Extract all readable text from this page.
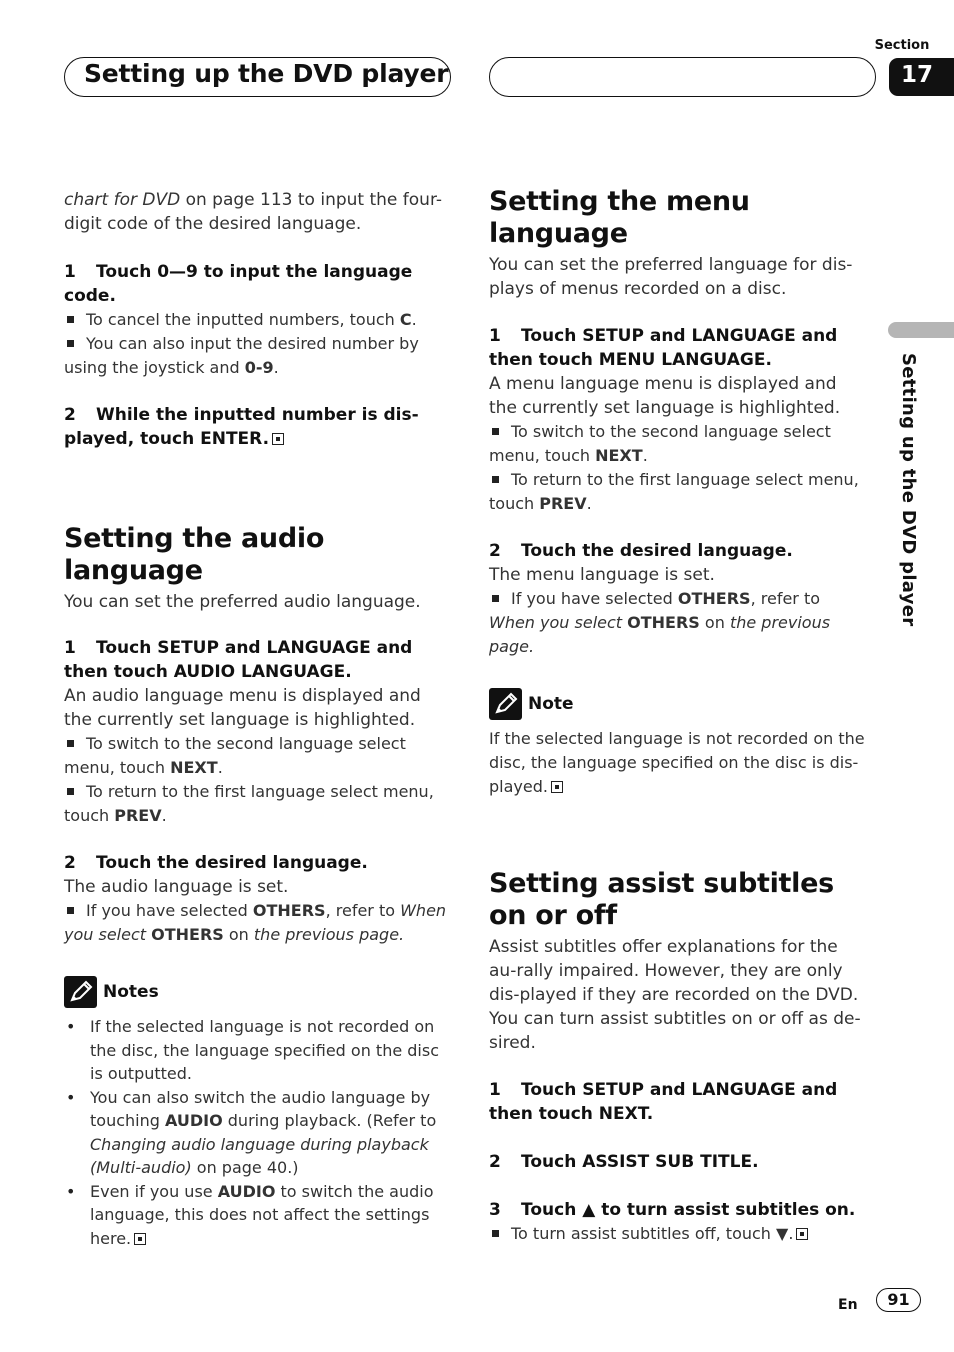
Setting up the DVD player
Section
17
Setting up the DVD player

chart for DVD on page 113 to input the four-digit code of the desired language.

1 Touch 0—9 to input the language code.

To cancel the inputted numbers, touch C.

You can also input the desired number by using the joystick and 0-9.

2 While the inputted number is dis-played, touch ENTER.

Setting the audio language

You can set the preferred audio language.

1 Touch SETUP and LANGUAGE and then touch AUDIO LANGUAGE.

An audio language menu is displayed and the currently set language is highlighted.

To switch to the second language select menu, touch NEXT.

To return to the first language select menu, touch PREV.

2 Touch the desired language.

The audio language is set.

If you have selected OTHERS, refer to When you select OTHERS on the previous page.

Notes

• If the selected language is not recorded on the disc, the language specified on the disc is outputted.

• You can also switch the audio language by touching AUDIO during playback. (Refer to Changing audio language during playback (Multi-audio) on page 40.)

• Even if you use AUDIO to switch the audio language, this does not affect the settings here.

Setting the menu language

You can set the preferred language for dis-plays of menus recorded on a disc.

1 Touch SETUP and LANGUAGE and then touch MENU LANGUAGE.

A menu language menu is displayed and the currently set language is highlighted.

To switch to the second language select menu, touch NEXT.

To return to the first language select menu, touch PREV.

2 Touch the desired language.

The menu language is set.

If you have selected OTHERS, refer to When you select OTHERS on the previous page.

Note

If the selected language is not recorded on the disc, the language specified on the disc is dis-played.

Setting assist subtitles on or off

Assist subtitles offer explanations for the au-rally impaired. However, they are only dis-played if they are recorded on the DVD.

You can turn assist subtitles on or off as de-sired.

1 Touch SETUP and LANGUAGE and then touch NEXT.

2 Touch ASSIST SUB TITLE.

3 Touch ▲ to turn assist subtitles on.

To turn assist subtitles off, touch ▼.

En	91
